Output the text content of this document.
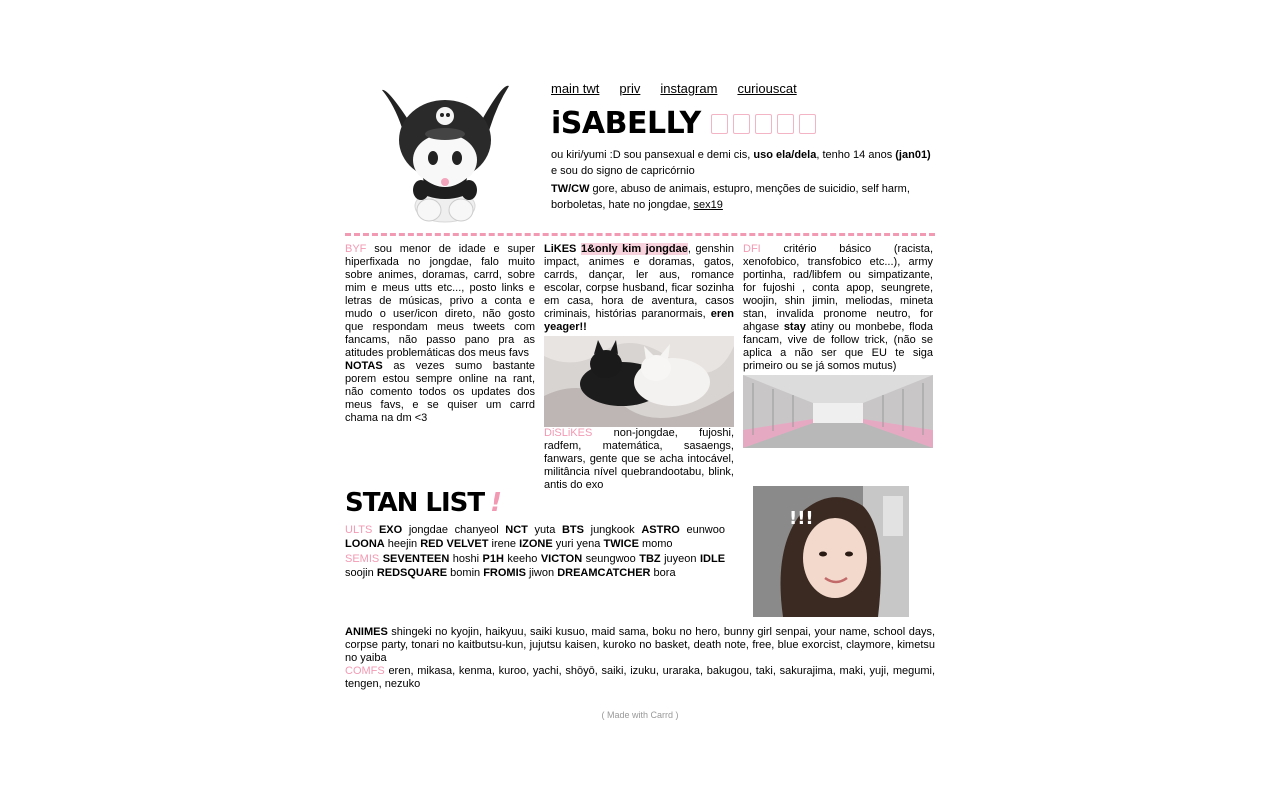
main twt priv instagram curiouscat
iSABELLY
ou kiri/yumi :D sou pansexual e demi cis, uso ela/dela, tenho 14 anos (jan01) e sou do signo de capricórnio
TW/CW gore, abuso de animais, estupro, menções de suicidio, self harm, borboletas, hate no jongdae, sex19
BYF sou menor de idade e super hiperfixada no jongdae, falo muito sobre animes, doramas, carrd, sobre mim e meus utts etc..., posto links e letras de músicas, privo a conta e mudo o user/icon direto, não gosto que respondam meus tweets com fancams, não passo pano pra as atitudes problemáticas dos meus favs
NOTAS as vezes sumo bastante porem estou sempre online na rant, não comento todos os updates dos meus favs, e se quiser um carrd chama na dm <3
LiKES 1&only kim jongdae, genshin impact, animes e doramas, gatos, carrds, dançar, ler aus, romance escolar, corpse husband, ficar sozinha em casa, hora de aventura, casos criminais, histórias paranormais, eren yeager!!
DiSLiKES non-jongdae, fujoshi, radfem, matemática, sasaengs, fanwars, gente que se acha intocável, militância nível quebrandootabu, blink, antis do exo
DFI critério básico (racista, xenofobico, transfobico etc...), army portinha, rad/libfem ou simpatizante, for fujoshi , conta apop, seungrete, woojin, shin jimin, meliodas, mineta stan, invalida pronome neutro, for ahgase stay atiny ou monbebe, floda fancam, vive de follow trick, (não se aplica a não ser que EU te siga primeiro ou se já somos mutus)
STAN LIST !
ULTS EXO jongdae chanyeol NCT yuta BTS jungkook ASTRO eunwoo LOONA heejin RED VELVET irene IZONE yuri yena TWICE momo
SEMIS SEVENTEEN hoshi P1H keeho VICTON seungwoo TBZ juyeon IDLE soojin REDSQUARE bomin FROMIS jiwon DREAMCATCHER bora
!!!
ANIMES shingeki no kyojin, haikyuu, saiki kusuo, maid sama, boku no hero, bunny girl senpai, your name, school days, corpse party, tonari no kaitbutsu-kun, jujutsu kaisen, kuroko no basket, death note, free, blue exorcist, claymore, kimetsu no yaiba
COMFS eren, mikasa, kenma, kuroo, yachi, shōyō, saiki, izuku, uraraka, bakugou, taki, sakurajima, maki, yuji, megumi, tengen, nezuko
( Made with Carrd )
